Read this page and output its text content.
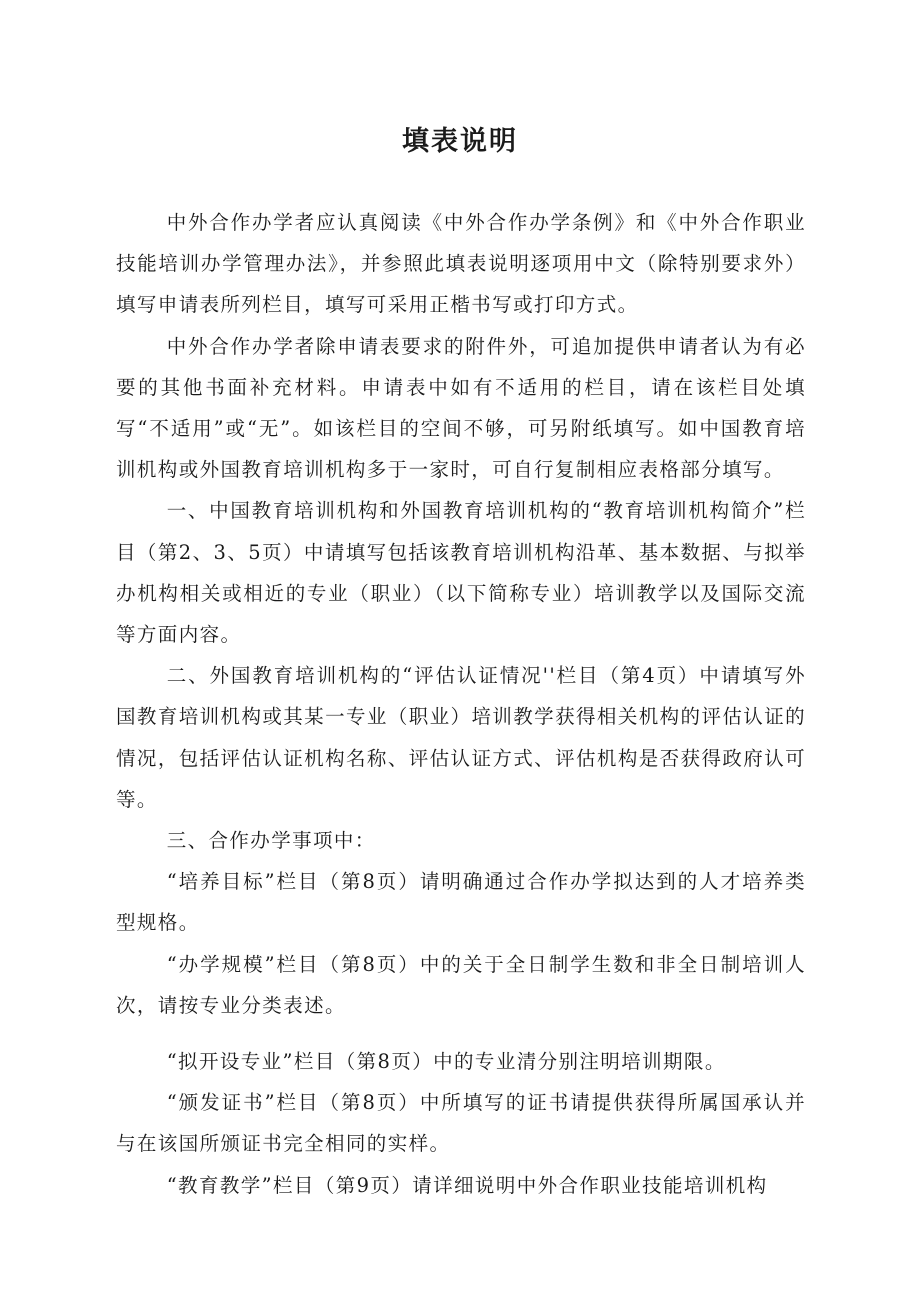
填表说明

中外合作办学者应认真阅读《中外合作办学条例》和《中外合作职业技能培训办学管理办法》，并参照此填表说明逐项用中文（除特别要求外）填写申请表所列栏目，填写可采用正楷书写或打印方式。

中外合作办学者除申请表要求的附件外，可追加提供申请者认为有必要的其他书面补充材料。申请表中如有不适用的栏目，请在该栏目处填写“不适用”或“无”。如该栏目的空间不够，可另附纸填写。如中国教育培训机构或外国教育培训机构多于一家时，可自行复制相应表格部分填写。

一、中国教育培训机构和外国教育培训机构的“教育培训机构简介”栏目（第2、3、5页）中请填写包括该教育培训机构沿革、基本数据、与拟举办机构相关或相近的专业（职业）（以下简称专业）培训教学以及国际交流等方面内容。

二、外国教育培训机构的“评估认证情况''栏目（第4页）中请填写外国教育培训机构或其某一专业（职业）培训教学获得相关机构的评估认证的情况，包括评估认证机构名称、评估认证方式、评估机构是否获得政府认可等。

三、合作办学事项中：

“培养目标”栏目（第8页）请明确通过合作办学拟达到的人才培养类型规格。

“办学规模”栏目（第8页）中的关于全日制学生数和非全日制培训人次，请按专业分类表述。

“拟开设专业”栏目（第8页）中的专业清分别注明培训期限。

“颁发证书”栏目（第8页）中所填写的证书请提供获得所属国承认并与在该国所颁证书完全相同的实样。

“教育教学”栏目（第9页）请详细说明中外合作职业技能培训机构
